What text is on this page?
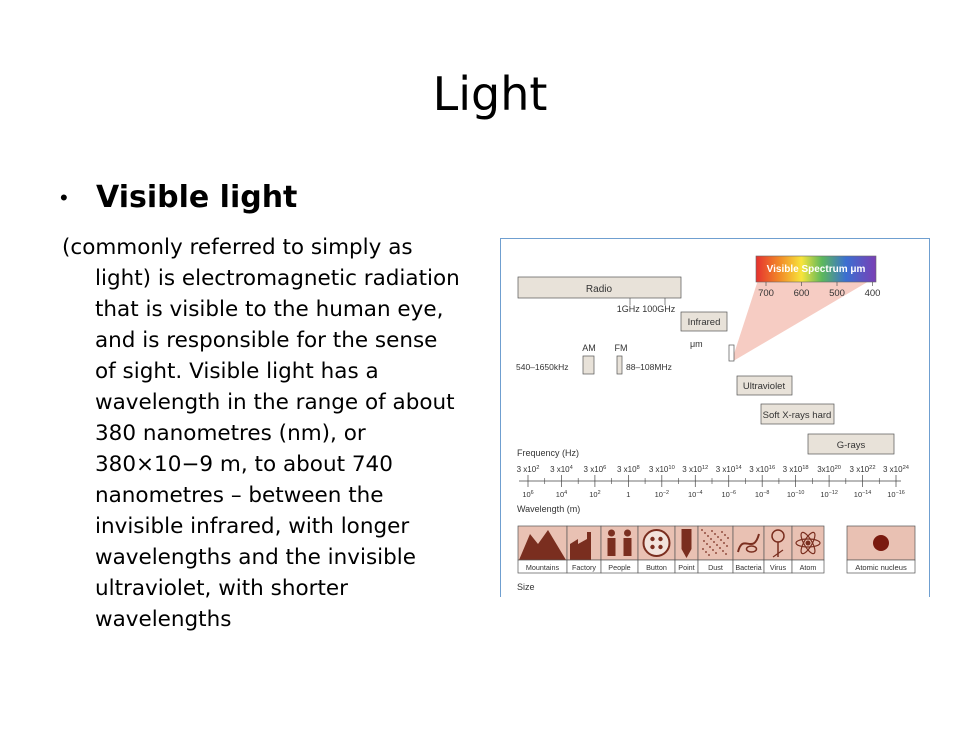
Light
• Visible light
(commonly referred to simply as
light) is electromagnetic radiation
that is visible to the human eye,
and is responsible for the sense
of sight. Visible light has a
wavelength in the range of about
380 nanometres (nm), or
380×10−9 m, to about 740
nanometres – between the
invisible infrared, with longer
wavelengths and the invisible
ultraviolet, with shorter
wavelengths
Visible Spectrum μm
700 600 500 400
Radio
1GHz 100GHz
Infrared
μm
AM FM
540–1650kHz	88–108MHz
Ultraviolet
Soft X-rays hard
G-rays
Frequency (Hz)
Wavelength (m)
3 $x10^2$ 3 $x10^4$ 3 $x10^6$ 3 $x10^8$ 3 $x10^{10}$ 3 $x10^{12}$ 3 $x10^{14}$ 3 $x10^{16}$ 3 $x10^{18}$ $3x10^{20}$ 3 $x10^{22}$ 3 $x10^{24}$
$10^6$	$10^4$	$10^2$	1	$10^{-2}$	$10^{-4}$	$10^{-6}$	$10^{-8}$ $10^{-10}$ $10^{-12}$ $10^{-14}$ $10^{-16}$
Mountains Factory People Button Point Dust Bacteria Virus Atom	Atomic nucleus
Size
